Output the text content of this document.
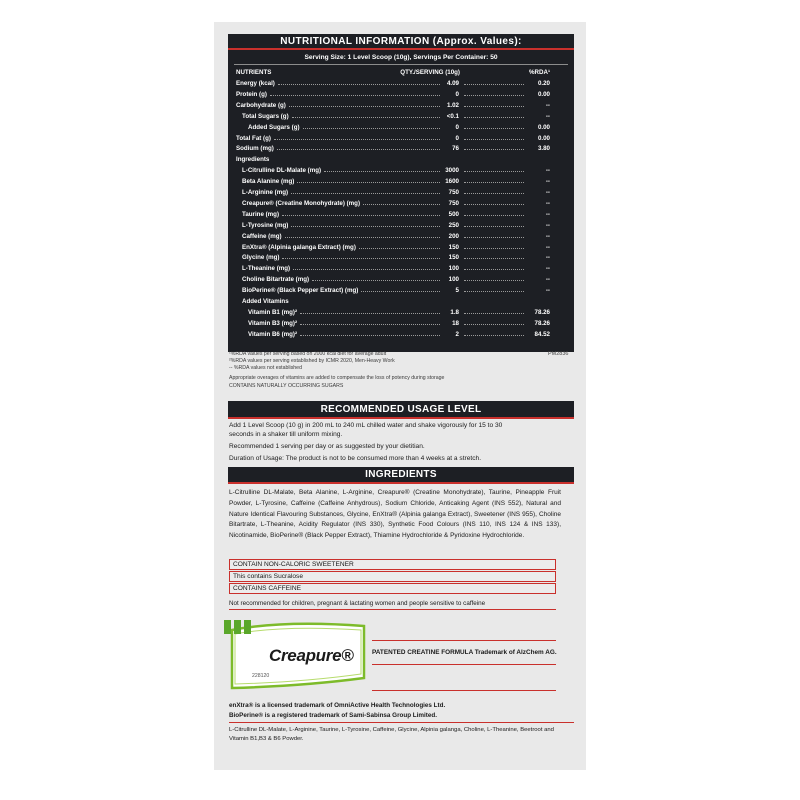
NUTRITIONAL INFORMATION (Approx. Values):
Serving Size: 1 Level Scoop (10g), Servings Per Container: 50
NUTRIENTS	QTY./SERVING (10g)	%RDA¹
Energy (kcal)	4.09	0.20
Protein (g)	0	0.00
Carbohydrate (g)	1.02	--
Total Sugars (g)	<0.1	--
Added Sugars (g)	0	0.00
Total Fat (g)	0	0.00
Sodium (mg)	76	3.80
Ingredients
L-Citrulline DL-Malate (mg)	3000	--
Beta Alanine (mg)	1600	--
L-Arginine (mg)	750	--
Creapure® (Creatine Monohydrate) (mg)	750	--
Taurine (mg)	500	--
L-Tyrosine (mg)	250	--
Caffeine (mg)	200	--
EnXtra® (Alpinia galanga Extract) (mg)	150	--
Glycine (mg)	150	--
L-Theanine (mg)	100	--
Choline Bitartrate (mg)	100	--
BioPerine® (Black Pepper Extract) (mg)	5	--
Added Vitamins
Vitamin B1 (mg)²	1.8	78.26
Vitamin B3 (mg)²	18	78.26
Vitamin B6 (mg)²	2	84.52
PM2836
¹%RDA values per serving based on 2000 kcal diet for average adult
²%RDA values per serving established by ICMR 2020, Men-Heavy Work
-- %RDA values not established
Appropriate overages of vitamins are added to compensate the loss of potency during storage
CONTAINS NATURALLY OCCURRING SUGARS
RECOMMENDED USAGE LEVEL
Add 1 Level Scoop (10 g) in 200 mL to 240 mL chilled water and shake vigorously for 15 to 30
seconds in a shaker till uniform mixing.
Recommended 1 serving per day or as suggested by your dietitian.
Duration of Usage: The product is not to be consumed more than 4 weeks at a stretch.
INGREDIENTS
L-Citrulline DL-Malate, Beta Alanine, L-Arginine, Creapure® (Creatine Monohydrate), Taurine, Pineapple Fruit Powder, L-Tyrosine, Caffeine (Caffeine Anhydrous), Sodium Chloride, Anticaking Agent (INS 552), Natural and Nature Identical Flavouring Substances, Glycine, EnXtra® (Alpinia galanga Extract), Sweetener (INS 955), Choline Bitartrate, L-Theanine, Acidity Regulator (INS 330), Synthetic Food Colours (INS 110, INS 124 & INS 133), Nicotinamide, BioPerine® (Black Pepper Extract), Thiamine Hydrochloride & Pyridoxine Hydrochloride.
CONTAIN NON-CALORIC SWEETENER
This contains Sucralose
CONTAINS CAFFEINE
Not recommended for children, pregnant & lactating women and people sensitive to caffeine
Creapure®
228120
PATENTED CREATINE FORMULA Trademark of AlzChem AG.
enXtra® is a licensed trademark of OmniActive Health Technologies Ltd.
BioPerine® is a registered trademark of Sami-Sabinsa Group Limited.
L-Citrulline DL-Malate, L-Arginine, Taurine, L-Tyrosine, Caffeine, Glycine, Alpinia galanga, Choline, L-Theanine, Beetroot and Vitamin B1,B3 & B6 Powder.
